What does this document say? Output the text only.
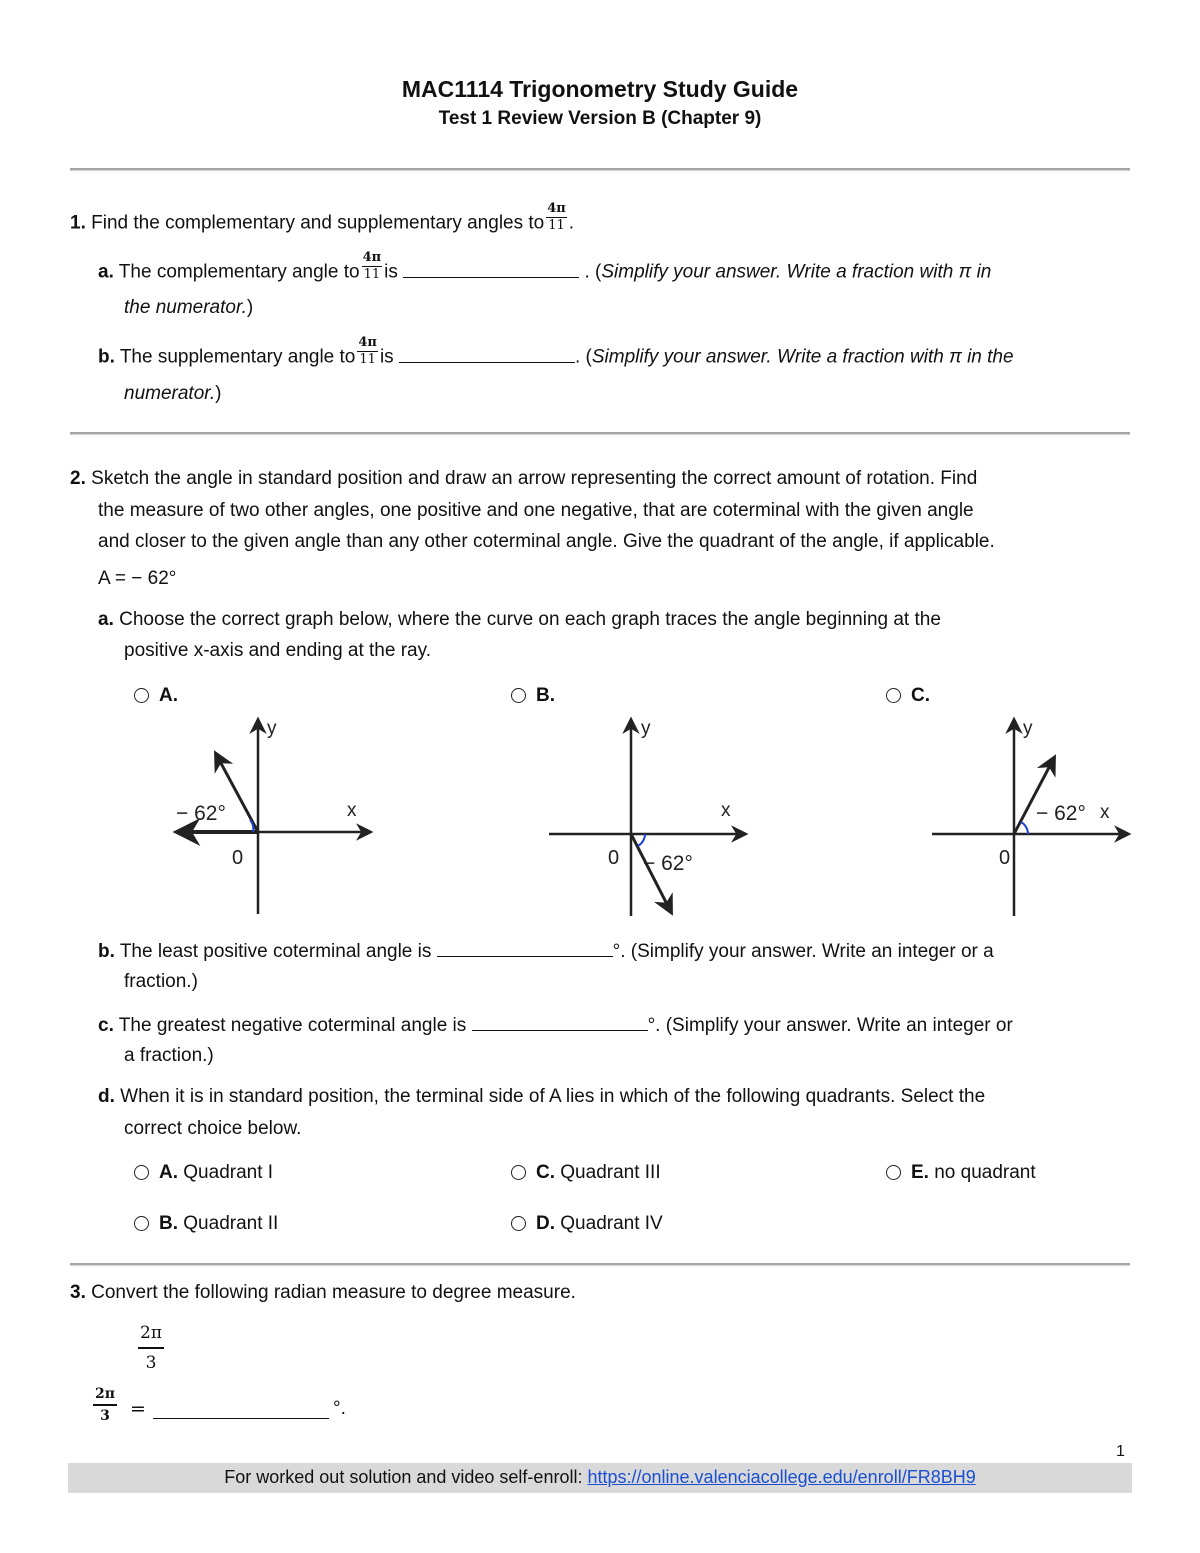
MAC1114 Trigonometry Study Guide
Test 1 Review Version B (Chapter 9)
1. Find the complementary and supplementary angles to $\frac{4\pi}{11}$ .
a. The complementary angle to $\frac{4\pi}{11}$ is	. (Simplify your answer. Write a fraction with π in
the numerator.)
b. The supplementary angle to $\frac{4\pi}{11}$ is	. (Simplify your answer. Write a fraction with π in the
numerator.)
2. Sketch the angle in standard position and draw an arrow representing the correct amount of rotation. Find
the measure of two other angles, one positive and one negative, that are coterminal with the given angle
and closer to the given angle than any other coterminal angle. Give the quadrant of the angle, if applicable.
A = − 62°
a. Choose the correct graph below, where the curve on each graph traces the angle beginning at the
positive x-axis and ending at the ray.
A.	B.	C.
y
x
0
− 62°
y
x
0 − 62°
y
x
0
− 62°
b. The least positive coterminal angle is	°. (Simplify your answer. Write an integer or a
fraction.)
c. The greatest negative coterminal angle is	°. (Simplify your answer. Write an integer or
a fraction.)
d. When it is in standard position, the terminal side of A lies in which of the following quadrants. Select the
correct choice below.
A. Quadrant I	C. Quadrant III	E. no quadrant
B. Quadrant II	D. Quadrant IV
3. Convert the following radian measure to degree measure.
$\frac{2\pi}{3}$
$\frac{2\pi}{3}$ =	°.
1
For worked out solution and video self-enroll: https://online.valenciacollege.edu/enroll/FR8BH9
